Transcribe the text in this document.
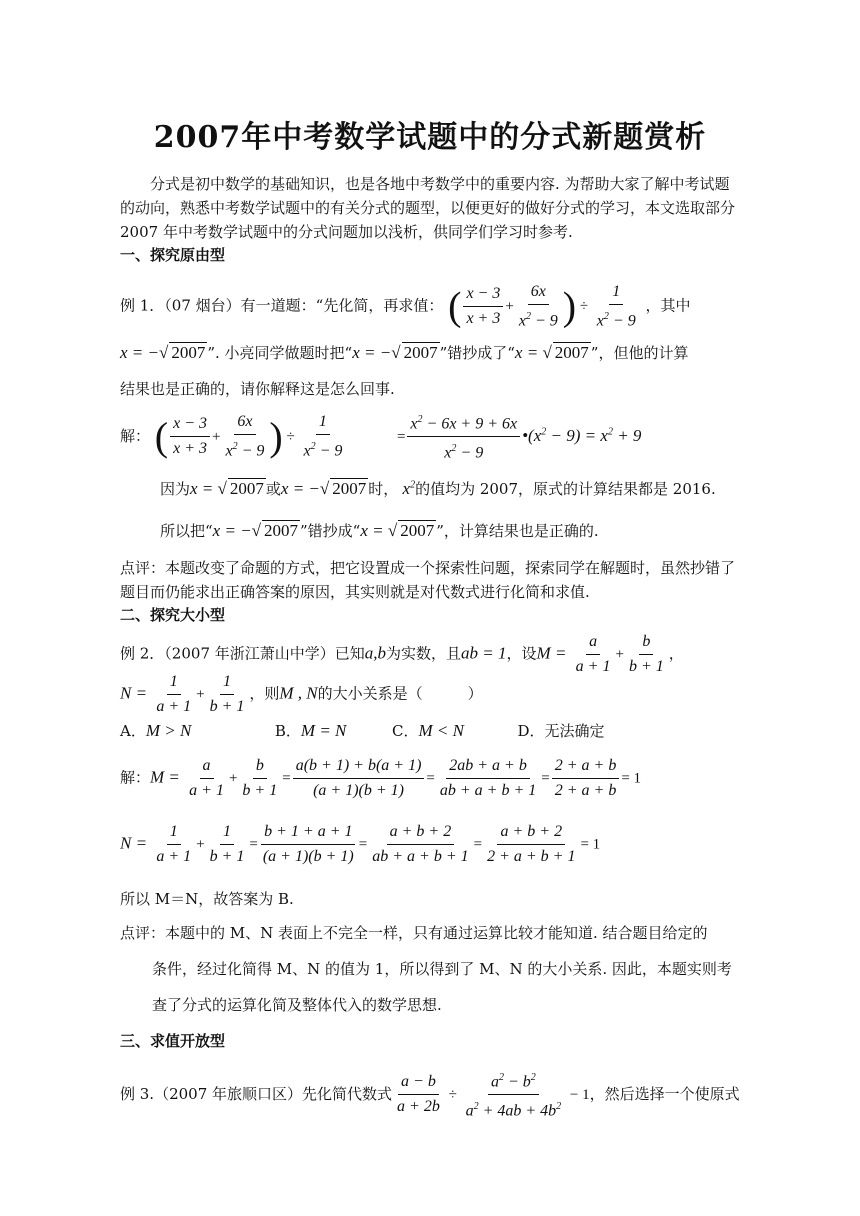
2007年中考数学试题中的分式新题赏析
分式是初中数学的基础知识，也是各地中考数学中的重要内容. 为帮助大家了解中考试题的动向，熟悉中考数学试题中的有关分式的题型，以便更好的做好分式的学习，本文选取部分 2007 年中考数学试题中的分式问题加以浅析，供同学们学习时参考.
一、探究原由型
例 1．（07 烟台）有一道题：“先化简，再求值： ( $\frac{x - 3}{x + 3} + \frac{6x}{x^2 - 9}$ ) ÷ $\frac{1}{x^2 - 9}$ ，其中
x = −√ 2007 ”. 小亮同学做题时把“x = −√ 2007 ”错抄成了“x = √ 2007 ”，但他的计算
结果也是正确的，请你解释这是怎么回事.
解： ( $\frac{x - 3}{x + 3} + \frac{6x}{x^2 - 9}$ ) ÷ $\frac{1}{x^2 - 9}$	= $\frac{x^2 - 6x + 9 + 6x}{x^2 - 9}$ $•(x^2 - 9) = x^2 + 9$
因为x = √ 2007 或x = −√ 2007 时， $x^2$的值均为 2007，原式的计算结果都是 2016.
所以把“x = −√ 2007 ”错抄成“x = √ 2007 ”，计算结果也是正确的.
点评：本题改变了命题的方式，把它设置成一个探索性问题，探索同学在解题时，虽然抄错了题目而仍能求出正确答案的原因，其实则就是对代数式进行化简和求值.
二、探究大小型
例 2．（2007 年浙江萧山中学）已知a,b为实数，且ab = 1，设$M = \frac{a}{a + 1} + \frac{b}{b + 1}$ ，
$N = \frac{1}{a + 1} + \frac{1}{b + 1}$ ，则M , N的大小关系是（　　　）
A．M > N	B．M = N	C．M < N	D．无法确定
解：$M = \frac{a}{a + 1} + \frac{b}{b + 1} = \frac{a(b + 1) + b(a + 1)}{(a + 1)(b + 1)} = \frac{2ab + a + b}{ab + a + b + 1} = \frac{2 + a + b}{2 + a + b} = 1$
$N = \frac{1}{a + 1} + \frac{1}{b + 1} = \frac{b + 1 + a + 1}{(a + 1)(b + 1)} = \frac{a + b + 2}{ab + a + b + 1} = \frac{a + b + 2}{2 + a + b + 1} = 1$
所以 M＝N，故答案为 B.
点评：本题中的 M、N 表面上不完全一样，只有通过运算比较才能知道. 结合题目给定的
条件，经过化简得 M、N 的值为 1，所以得到了 M、N 的大小关系. 因此，本题实则考
查了分式的运算化简及整体代入的数学思想.
三、求值开放型
例 3.（2007 年旅顺口区）先化简代数式 $\frac{a - b}{a + 2b} \div \frac{a^2 - b^2}{a^2 + 4ab + 4b^2} - 1$，然后选择一个使原式
